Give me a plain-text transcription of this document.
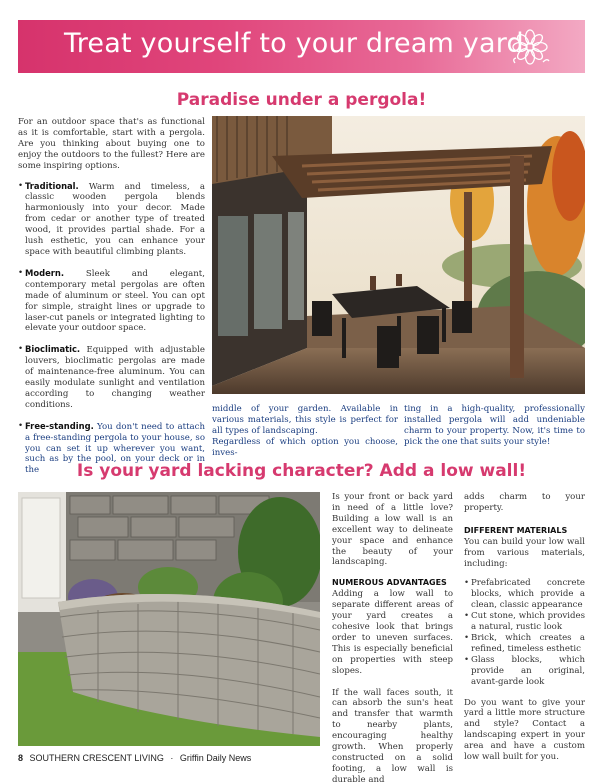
Treat yourself to your dream yard
Paradise under a pergola!

For an outdoor space that's as functional as it is comfortable, start with a pergola. Are you thinking about buying one to enjoy the outdoors to the fullest? Here are some inspiring options.

• Traditional. Warm and timeless, a classic wooden pergola blends harmoniously into your decor. Made from cedar or another type of treated wood, it provides partial shade. For a lush esthetic, you can enhance your space with beautiful climbing plants.

• Modern. Sleek and elegant, contemporary metal pergolas are often made of aluminum or steel. You can opt for simple, straight lines or upgrade to laser-cut panels or integrated lighting to elevate your outdoor space.

• Bioclimatic. Equipped with adjustable louvers, bioclimatic pergolas are made of maintenance-free aluminum. You can easily modulate sunlight and ventilation according to changing weather conditions.

• Free-standing. You don't need to attach a free-standing pergola to your house, so you can set it up wherever you want, such as by the pool, on your deck or in the

middle of your garden. Available in various materials, this style is perfect for all types of landscaping.

Regardless of which option you choose, inves-

ting in a high-quality, professionally installed pergola will add undeniable charm to your property. Now, it's time to pick the one that suits your style!

Is your yard lacking character? Add a low wall!

Is your front or back yard in need of a little love? Building a low wall is an excellent way to delineate your space and enhance the beauty of your landscaping.

NUMEROUS ADVANTAGES

Adding a low wall to separate different areas of your yard creates a cohesive look that brings order to uneven surfaces. This is especially beneficial on properties with steep slopes.

If the wall faces south, it can absorb the sun's heat and transfer that warmth to nearby plants, encouraging healthy growth. When properly constructed on a solid footing, a low wall is durable and

adds charm to your property.

DIFFERENT MATERIALS

You can build your low wall from various materials, including:

• Prefabricated concrete blocks, which provide a clean, classic appearance

• Cut stone, which provides a natural, rustic look

• Brick, which creates a refined, timeless esthetic

• Glass blocks, which provide an original, avant-garde look

Do you want to give your yard a little more structure and style? Contact a landscaping expert in your area and have a custom low wall built for you.

8 SOUTHERN CRESCENT LIVING · Griffin Daily News
